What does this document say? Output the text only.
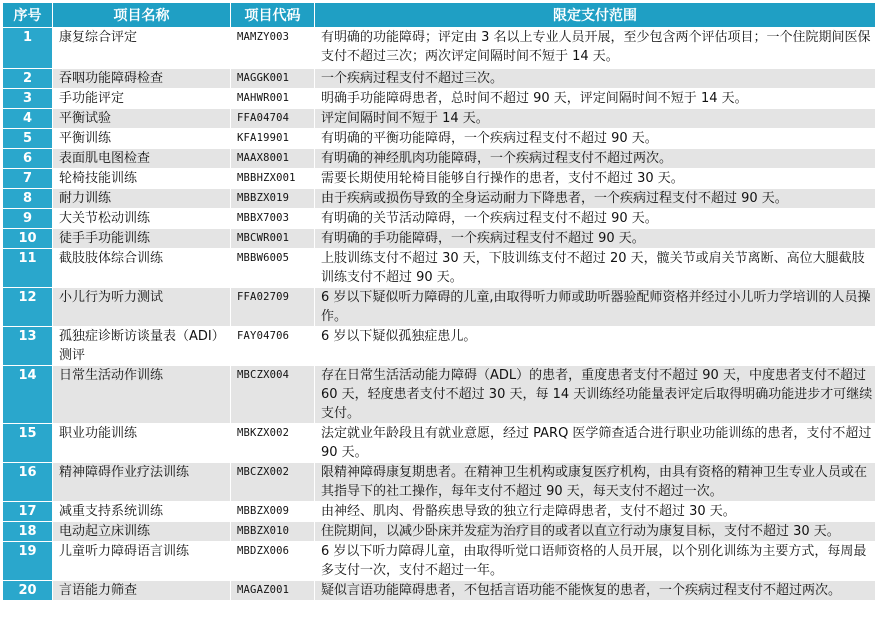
序号	项目名称	项目代码	限定支付范围
1	康复综合评定	MAMZY003	有明确的功能障碍；评定由 3 名以上专业人员开展，至少包含两个评估项目；一个住院期间医保支付不超过三次；两次评定间隔时间不短于 14 天。
2	吞咽功能障碍检查	MAGGK001	一个疾病过程支付不超过三次。
3	手功能评定	MAHWR001	明确手功能障碍患者，总时间不超过 90 天，评定间隔时间不短于 14 天。
4	平衡试验	FFA04704	评定间隔时间不短于 14 天。
5	平衡训练	KFA19901	有明确的平衡功能障碍，一个疾病过程支付不超过 90 天。
6	表面肌电图检查	MAAX8001	有明确的神经肌肉功能障碍，一个疾病过程支付不超过两次。
7	轮椅技能训练	MBBHZX001	需要长期使用轮椅目能够自行操作的患者，支付不超过 30 天。
8	耐力训练	MBBZX019	由于疾病或损伤导致的全身运动耐力下降患者，一个疾病过程支付不超过 90 天。
9	大关节松动训练	MBBX7003	有明确的关节活动障碍，一个疾病过程支付不超过 90 天。
10	徒手手功能训练	MBCWR001	有明确的手功能障碍，一个疾病过程支付不超过 90 天。
11	截肢肢体综合训练	MBBW6005	上肢训练支付不超过 30 天，下肢训练支付不超过 20 天，髋关节或肩关节离断、高位大腿截肢训练支付不超过 90 天。
12	小儿行为听力测试	FFA02709	6 岁以下疑似听力障碍的儿童,由取得听力师或助听器验配师资格并经过小儿听力学培训的人员操作。
13	孤独症诊断访谈量表（ADI）测评	FAY04706	6 岁以下疑似孤独症患儿。
14	日常生活动作训练	MBCZX004	存在日常生活活动能力障碍（ADL）的患者，重度患者支付不超过 90 天，中度患者支付不超过 60 天，轻度患者支付不超过 30 天，每 14 天训练经功能量表评定后取得明确功能进步才可继续支付。
15	职业功能训练	MBKZX002	法定就业年龄段且有就业意愿，经过 PARQ 医学筛查适合进行职业功能训练的患者，支付不超过 90 天。
16	精神障碍作业疗法训练	MBCZX002	限精神障碍康复期患者。在精神卫生机构或康复医疗机构，由具有资格的精神卫生专业人员或在其指导下的社工操作，每年支付不超过 90 天，每天支付不超过一次。
17	减重支持系统训练	MBBZX009	由神经、肌肉、骨骼疾患导致的独立行走障碍患者，支付不超过 30 天。
18	电动起立床训练	MBBZX010	住院期间，以减少卧床并发症为治疗目的或者以直立行动为康复目标，支付不超过 30 天。
19	儿童听力障碍语言训练	MBDZX006	6 岁以下听力障碍儿童，由取得听觉口语师资格的人员开展，以个别化训练为主要方式，每周最多支付一次，支付不超过一年。
20	言语能力筛查	MAGAZ001	疑似言语功能障碍患者，不包括言语功能不能恢复的患者，一个疾病过程支付不超过两次。
